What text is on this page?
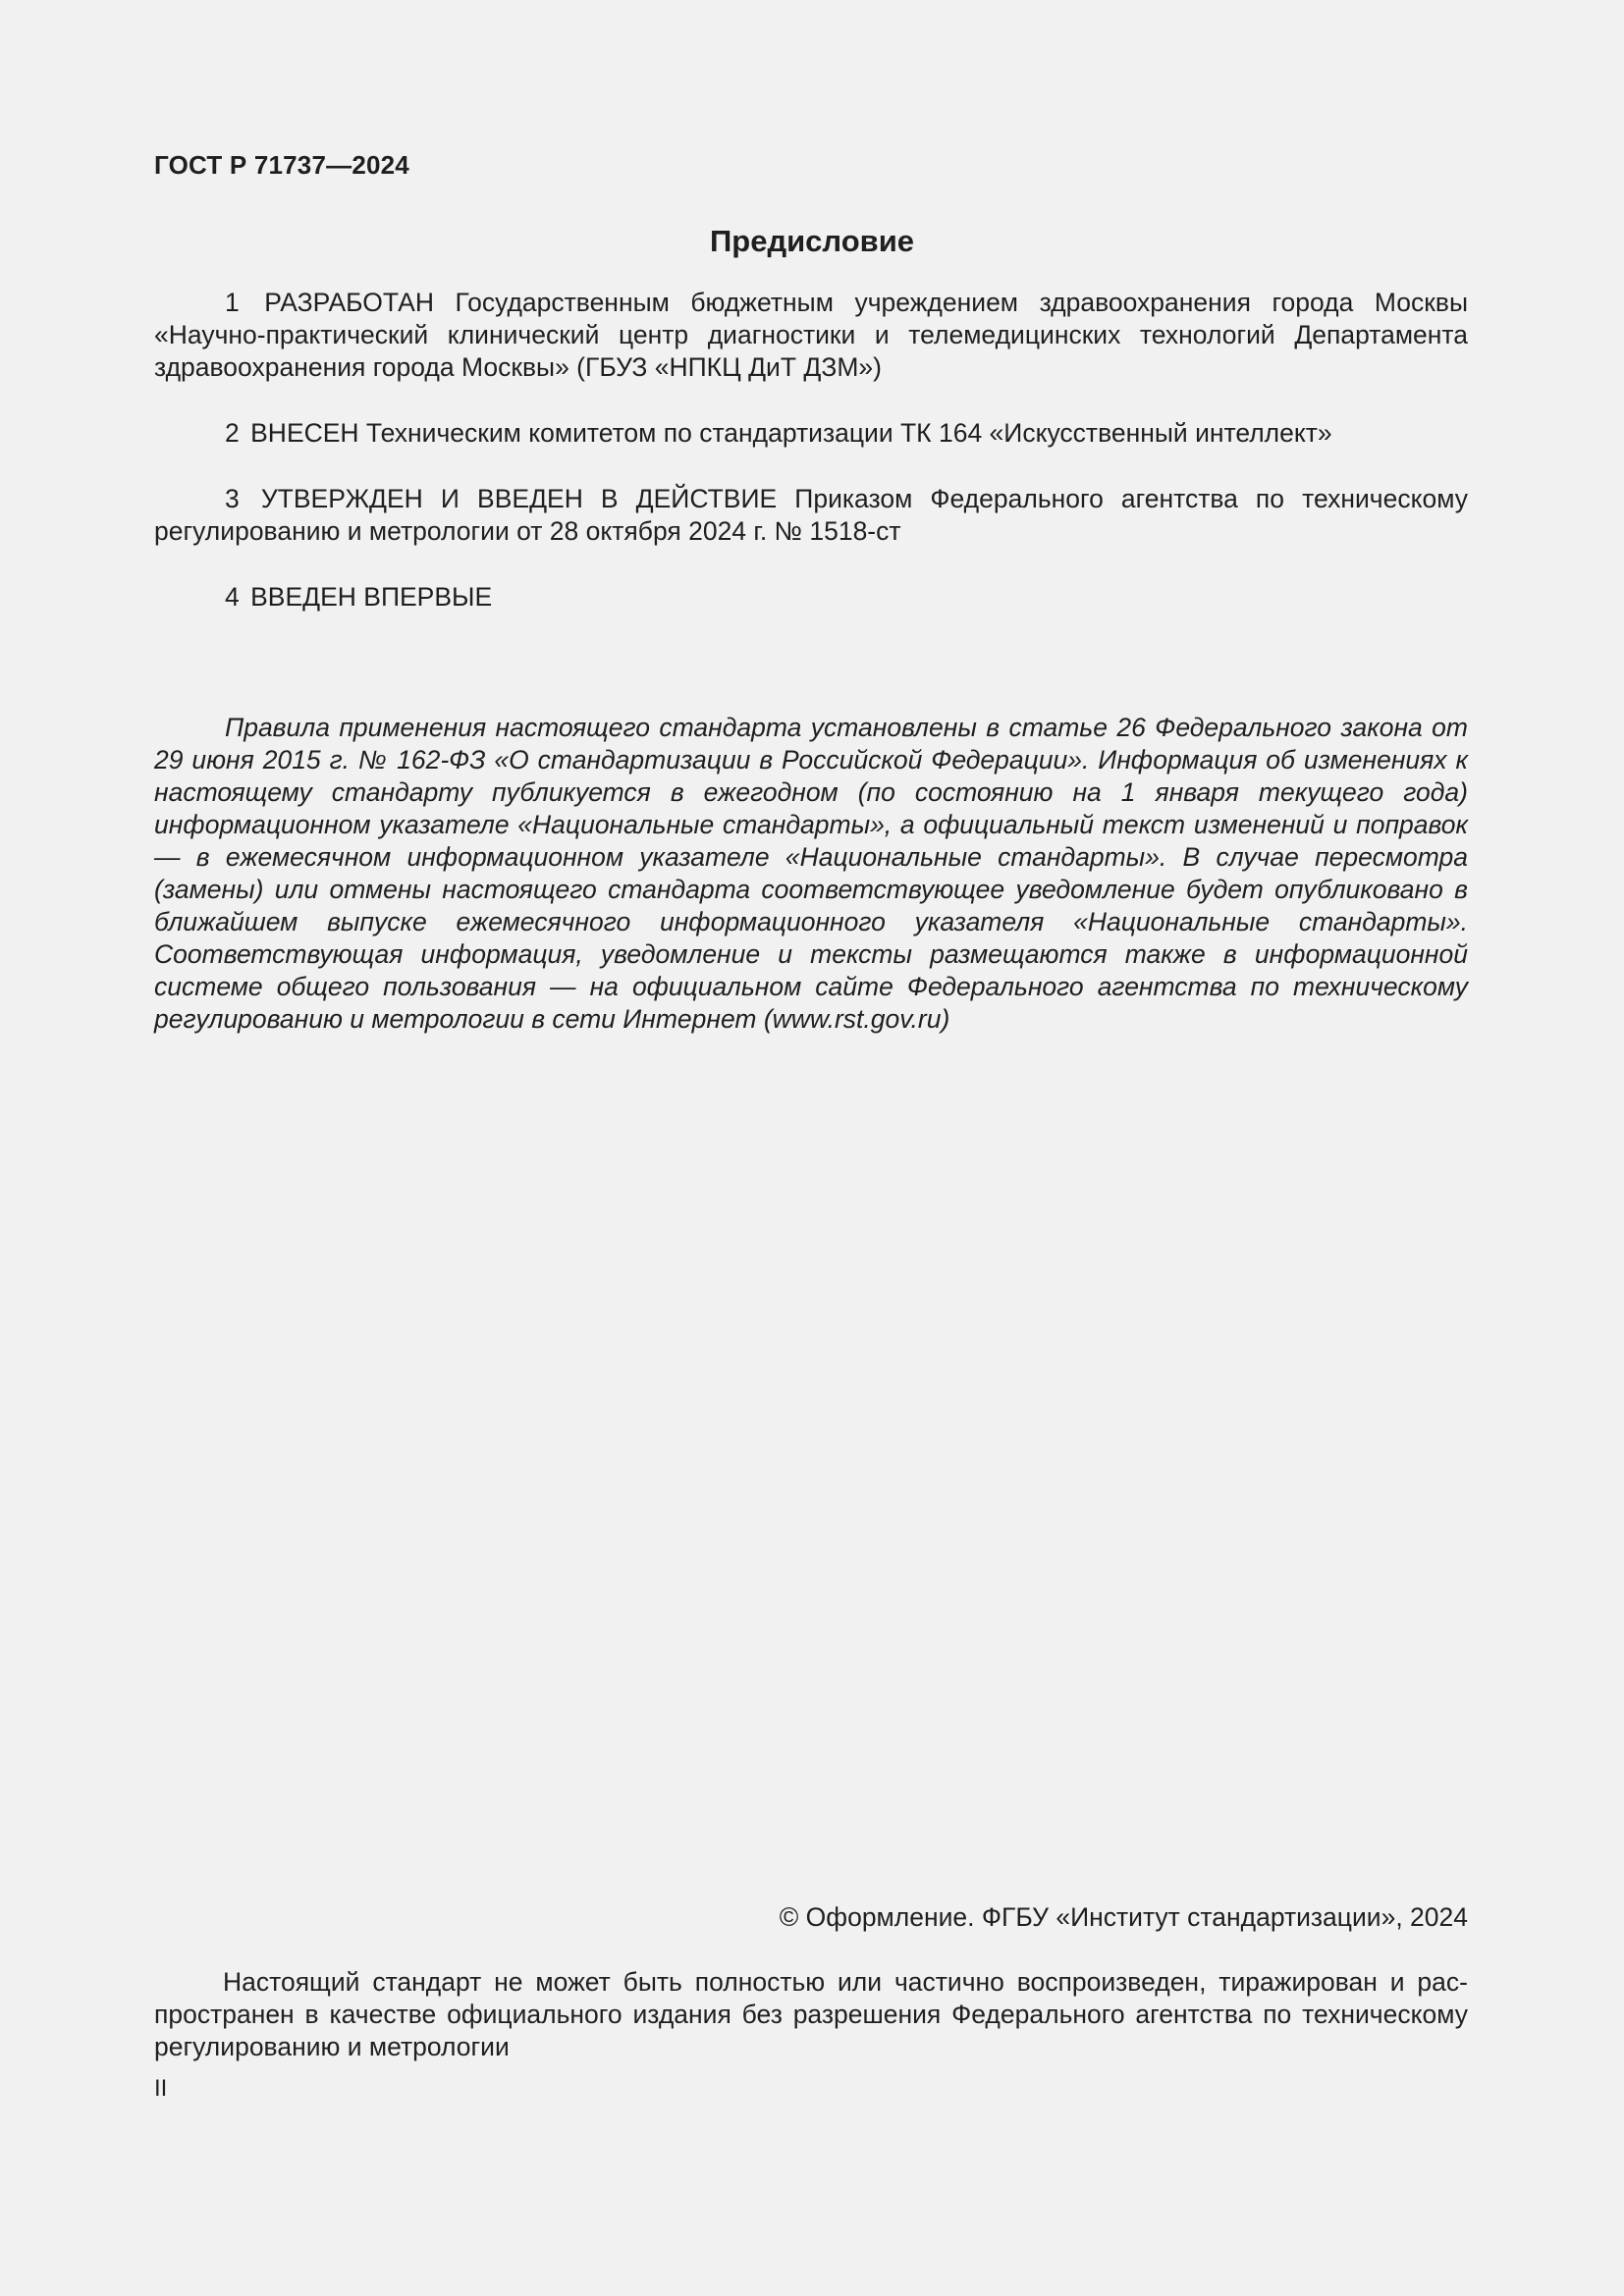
ГОСТ Р 71737—2024
Предисловие

1 РАЗРАБОТАН Государственным бюджетным учреждением здравоохранения города Москвы «Научно-практический клинический центр диагностики и телемедицинских технологий Департамента здравоохранения города Москвы» (ГБУЗ «НПКЦ ДиТ ДЗМ»)

2 ВНЕСЕН Техническим комитетом по стандартизации ТК 164 «Искусственный интеллект»

3 УТВЕРЖДЕН И ВВЕДЕН В ДЕЙСТВИЕ Приказом Федерального агентства по техническому регулированию и метрологии от 28 октября 2024 г. № 1518-ст

4 ВВЕДЕН ВПЕРВЫЕ

Правила применения настоящего стандарта установлены в статье 26 Федерального закона от 29 июня 2015 г. № 162-ФЗ «О стандартизации в Российской Федерации». Информация об изменениях к настоящему стандарту публикуется в ежегодном (по состоянию на 1 января текущего года) информационном указателе «Национальные стандарты», а официальный текст изменений и поправок — в ежемесячном информационном указателе «Национальные стандарты». В случае пересмотра (замены) или отмены настоящего стандарта соответствующее уведомление будет опубликовано в ближайшем выпуске ежемесячного информационного указателя «Национальные стандарты». Соответствующая информация, уведомление и тексты размещаются также в информационной системе общего пользования — на официальном сайте Федерального агентства по техническому регулированию и метрологии в сети Интернет (www.rst.gov.ru)

© Оформление. ФГБУ «Институт стандартизации», 2024

Настоящий стандарт не может быть полностью или частично воспроизведен, тиражирован и распространен в качестве официального издания без разрешения Федерального агентства по техническому регулированию и метрологии

II
